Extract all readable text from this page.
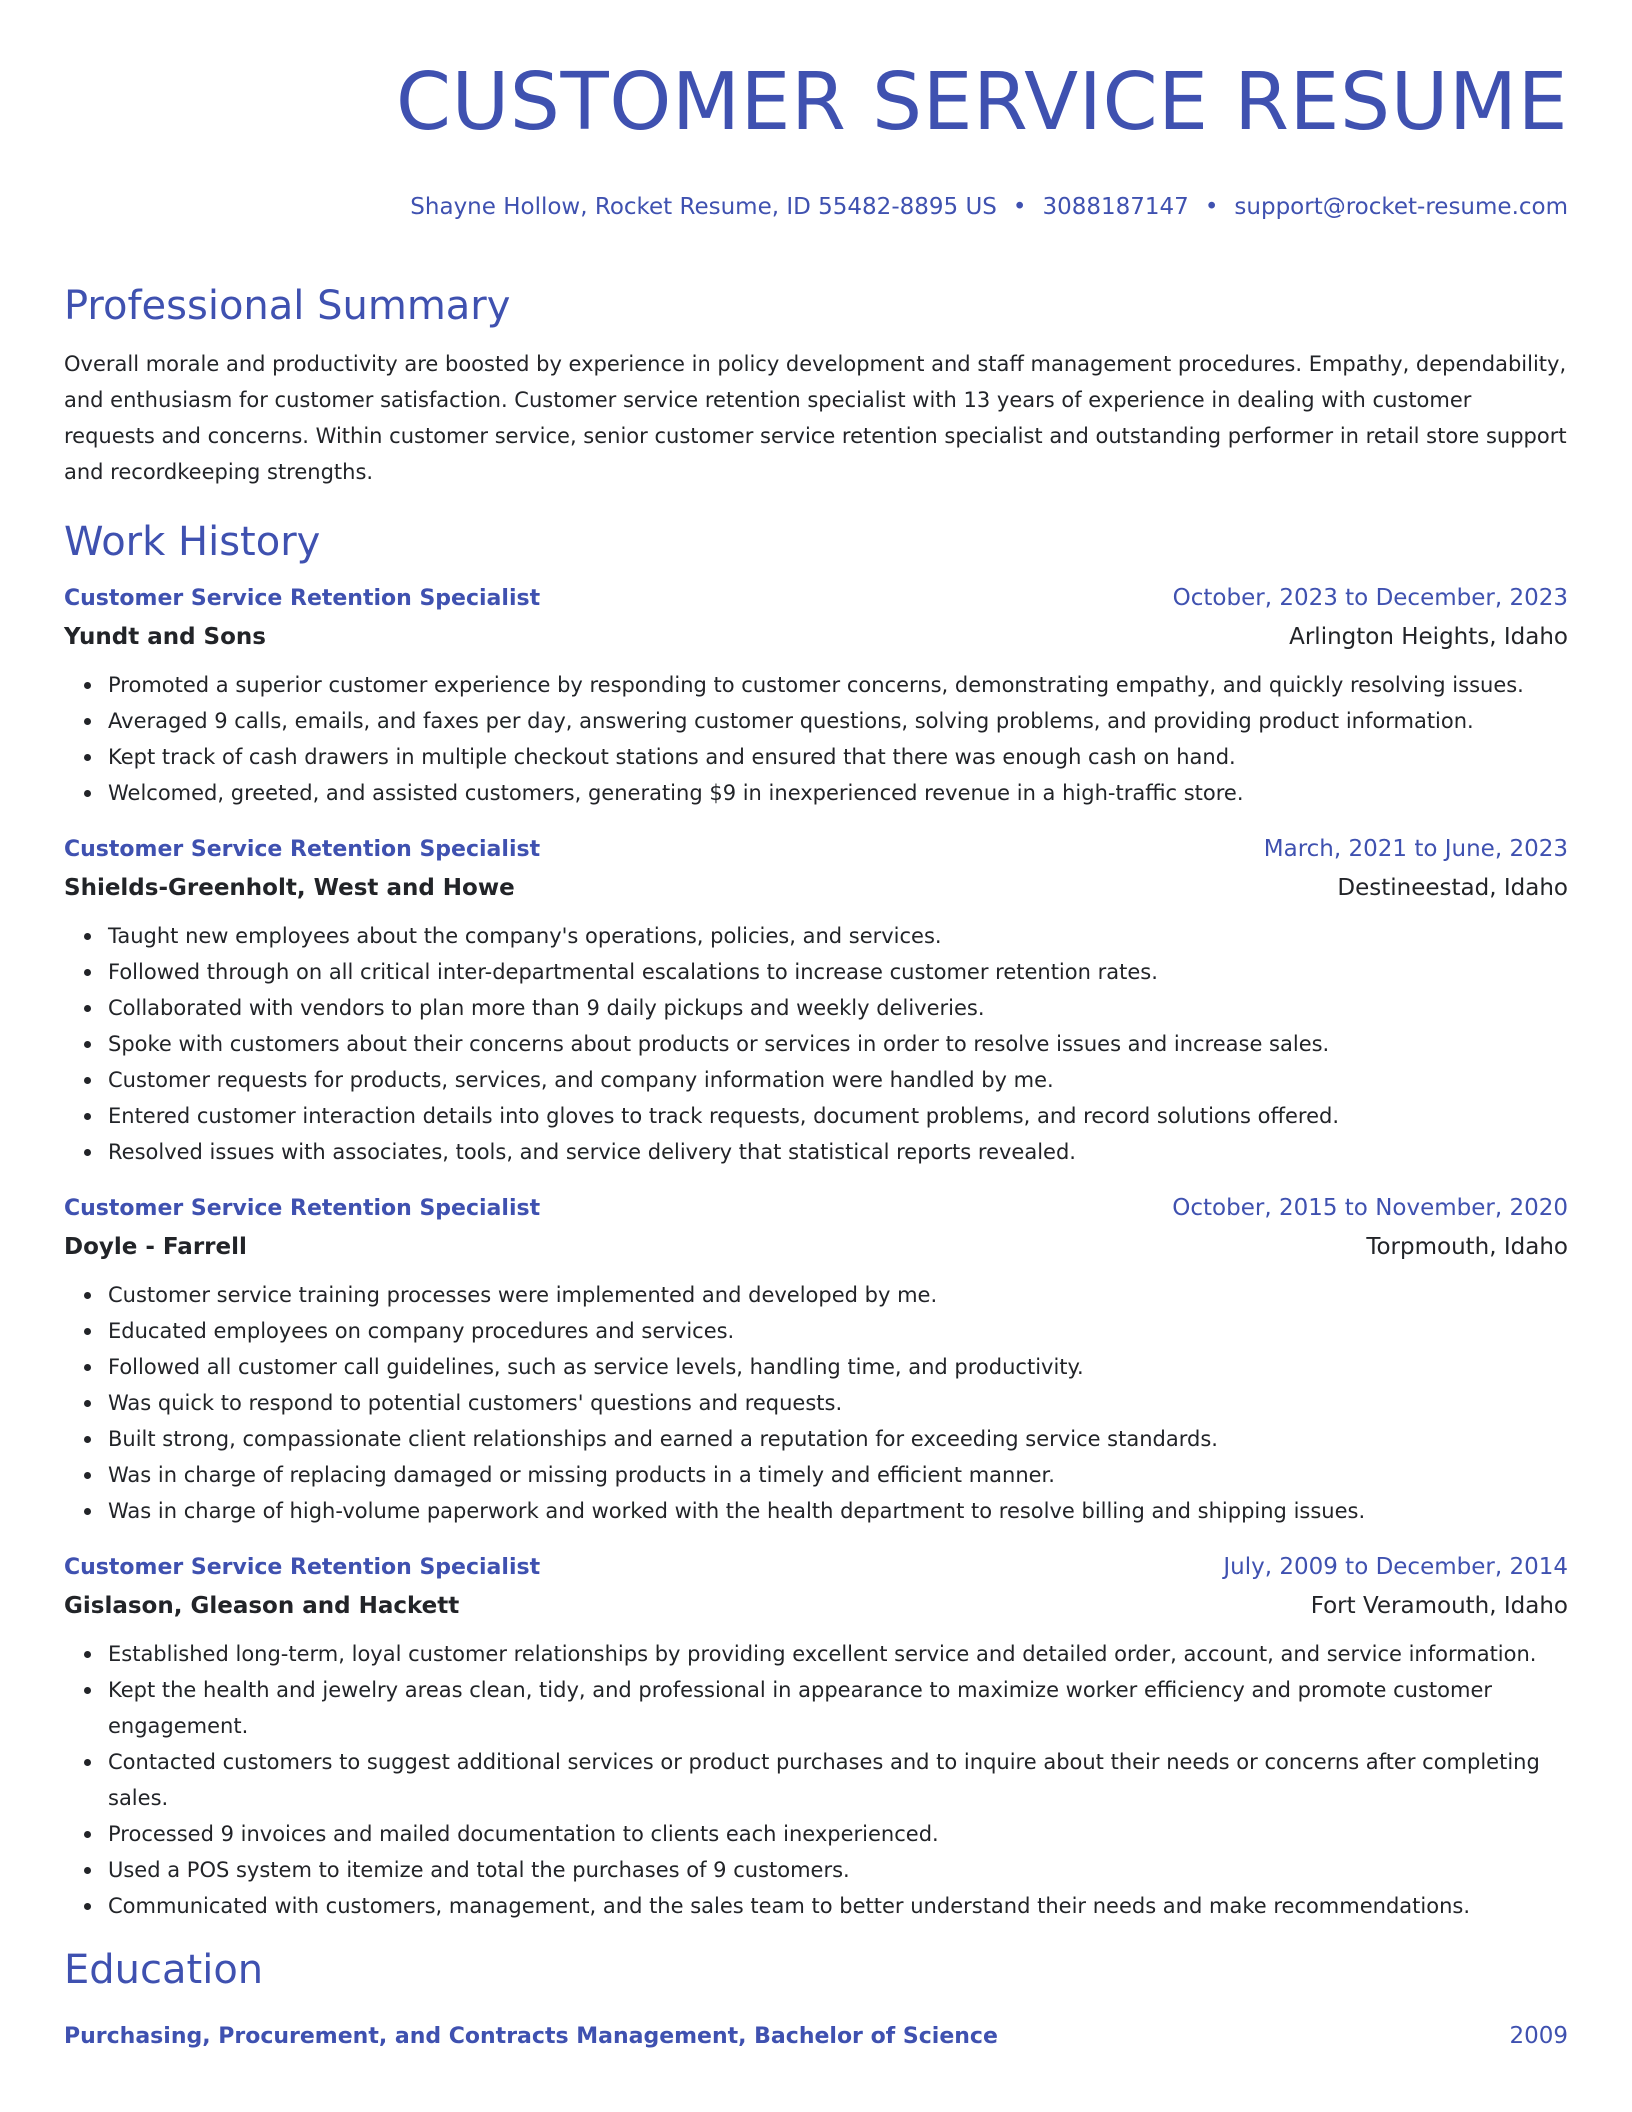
CUSTOMER SERVICE RESUME
Shayne Hollow, Rocket Resume, ID 55482-8895 US • 3088187147 • support@rocket-resume.com
Professional Summary

Overall morale and productivity are boosted by experience in policy development and staff management procedures. Empathy, dependability, and enthusiasm for customer satisfaction. Customer service retention specialist with 13 years of experience in dealing with customer requests and concerns. Within customer service, senior customer service retention specialist and outstanding performer in retail store support and recordkeeping strengths.

Work History
Customer Service Retention Specialist	October, 2023 to December, 2023
Yundt and Sons	Arlington Heights, Idaho
Promoted a superior customer experience by responding to customer concerns, demonstrating empathy, and quickly resolving issues.
Averaged 9 calls, emails, and faxes per day, answering customer questions, solving problems, and providing product information.
Kept track of cash drawers in multiple checkout stations and ensured that there was enough cash on hand.
Welcomed, greeted, and assisted customers, generating $9 in inexperienced revenue in a high-traffic store.
Customer Service Retention Specialist	March, 2021 to June, 2023
Shields-Greenholt, West and Howe	Destineestad, Idaho
Taught new employees about the company's operations, policies, and services.
Followed through on all critical inter-departmental escalations to increase customer retention rates.
Collaborated with vendors to plan more than 9 daily pickups and weekly deliveries.
Spoke with customers about their concerns about products or services in order to resolve issues and increase sales.
Customer requests for products, services, and company information were handled by me.
Entered customer interaction details into gloves to track requests, document problems, and record solutions offered.
Resolved issues with associates, tools, and service delivery that statistical reports revealed.
Customer Service Retention Specialist	October, 2015 to November, 2020
Doyle - Farrell	Torpmouth, Idaho
Customer service training processes were implemented and developed by me.
Educated employees on company procedures and services.
Followed all customer call guidelines, such as service levels, handling time, and productivity.
Was quick to respond to potential customers' questions and requests.
Built strong, compassionate client relationships and earned a reputation for exceeding service standards.
Was in charge of replacing damaged or missing products in a timely and efficient manner.
Was in charge of high-volume paperwork and worked with the health department to resolve billing and shipping issues.
Customer Service Retention Specialist	July, 2009 to December, 2014
Gislason, Gleason and Hackett	Fort Veramouth, Idaho
Established long-term, loyal customer relationships by providing excellent service and detailed order, account, and service information.
Kept the health and jewelry areas clean, tidy, and professional in appearance to maximize worker efficiency and promote customer engagement.
Contacted customers to suggest additional services or product purchases and to inquire about their needs or concerns after completing sales.
Processed 9 invoices and mailed documentation to clients each inexperienced.
Used a POS system to itemize and total the purchases of 9 customers.
Communicated with customers, management, and the sales team to better understand their needs and make recommendations.
Education
Purchasing, Procurement, and Contracts Management, Bachelor of Science	2009
